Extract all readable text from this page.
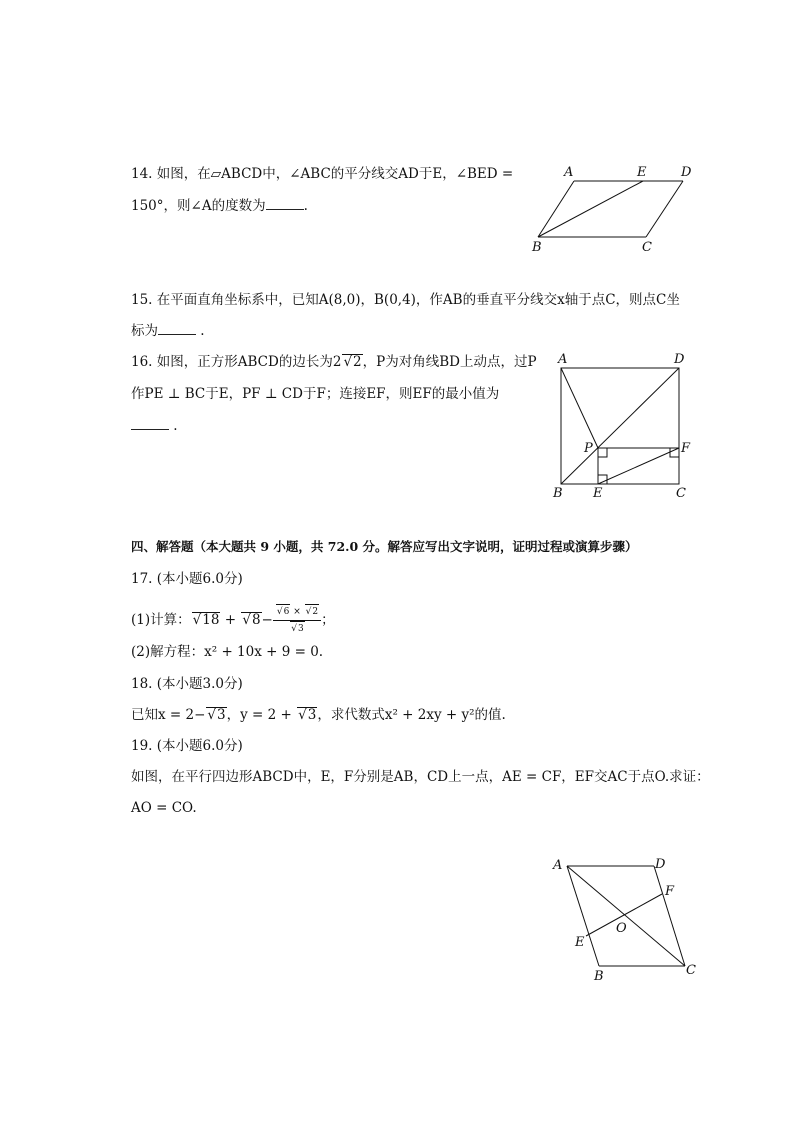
14. 如图，在▱ABCD中，∠ABC的平分线交AD于E，∠BED =
150°，则∠A的度数为	.
A	E	D
B	C
15. 在平面直角坐标系中，已知A(8,0)，B(0,4)，作AB的垂直平分线交x轴于点C，则点C坐
标为	.
16. 如图，正方形ABCD的边长为2 √ 2，P为对角线BD上动点，过P
作PE ⊥ BC于E，PF ⊥ CD于F；连接EF，则EF的最小值为
.
A	D
P	F
B E	C
四、解答题（本大题共 9 小题，共 72.0 分。解答应写出文字说明，证明过程或演算步骤）
17. (本小题6.0分)
(1)计算： √ 18 + √ 8− √ 6 × √ 2
√ 3 ；
(2)解方程：x² + 10x + 9 = 0.
18. (本小题3.0分)
已知x = 2− √ 3，y = 2 + √ 3，求代数式x² + 2xy + y²的值.
19. (本小题6.0分)
如图，在平行四边形ABCD中，E，F分别是AB，CD上一点，AE = CF，EF交AC于点O.求证：
AO = CO.
A	D
F
O
E
B	C
